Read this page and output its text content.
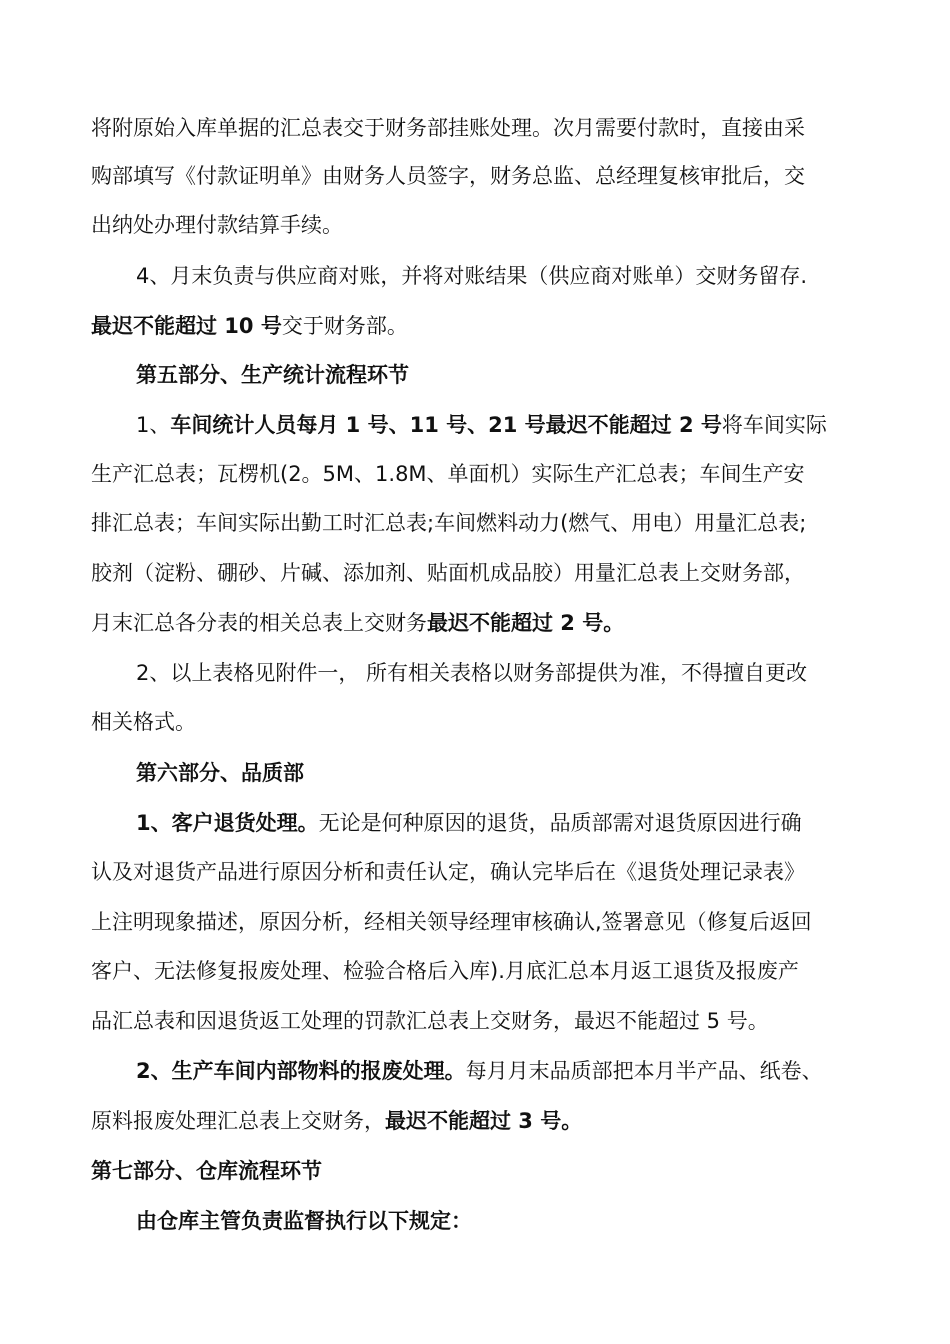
将附原始入库单据的汇总表交于财务部挂账处理。次月需要付款时，直接由采

购部填写《付款证明单》由财务人员签字，财务总监、总经理复核审批后，交

出纳处办理付款结算手续。

4、月末负责与供应商对账，并将对账结果（供应商对账单）交财务留存.

最迟不能超过 10 号交于财务部。

第五部分、生产统计流程环节

1、车间统计人员每月 1 号、11 号、21 号最迟不能超过 2 号将车间实际

生产汇总表；瓦楞机(2。5M、1.8M、单面机）实际生产汇总表；车间生产安

排汇总表；车间实际出勤工时汇总表;车间燃料动力(燃气、用电）用量汇总表;

胶剂（淀粉、硼砂、片碱、添加剂、贴面机成品胶）用量汇总表上交财务部，

月末汇总各分表的相关总表上交财务最迟不能超过 2 号。

2、以上表格见附件一， 所有相关表格以财务部提供为准，不得擅自更改

相关格式。

第六部分、品质部

1、客户退货处理。无论是何种原因的退货，品质部需对退货原因进行确

认及对退货产品进行原因分析和责任认定，确认完毕后在《退货处理记录表》

上注明现象描述，原因分析，经相关领导经理审核确认,签署意见（修复后返回

客户、无法修复报废处理、检验合格后入库).月底汇总本月返工退货及报废产

品汇总表和因退货返工处理的罚款汇总表上交财务，最迟不能超过 5 号。

2、生产车间内部物料的报废处理。每月月末品质部把本月半产品、纸卷、

原料报废处理汇总表上交财务，最迟不能超过 3 号。

第七部分、仓库流程环节

由仓库主管负责监督执行以下规定：
